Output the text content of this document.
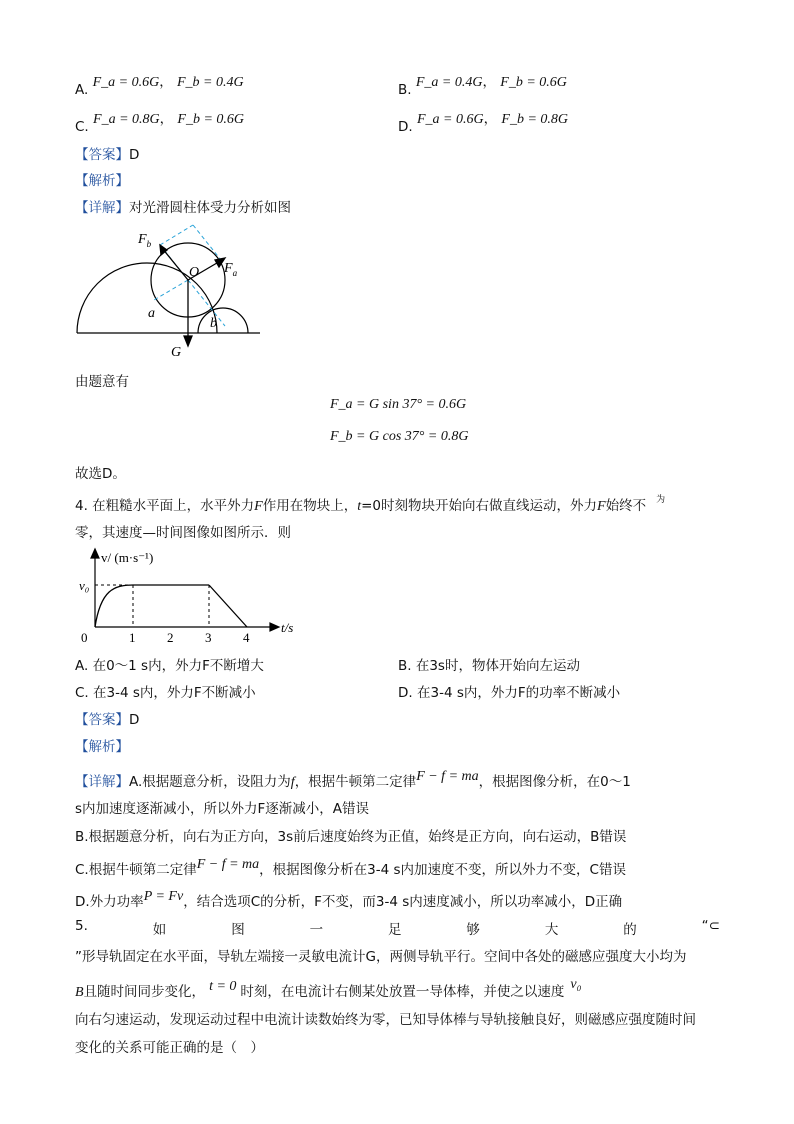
A. F_a = 0.6G， F_b = 0.4G	B. F_a = 0.4G， F_b = 0.6G
C. F_a = 0.8G， F_b = 0.6G	D. F_a = 0.6G， F_b = 0.8G
【答案】D
【解析】
【详解】对光滑圆柱体受力分析如图
$F_b$
O $F_a$
a
b
G
由题意有
F_a = G sin 37° = 0.6G
F_b = G cos 37° = 0.8G
故选D。
4. 在粗糙水平面上，水平外力F作用在物块上，t=0时刻物块开始向右做直线运动，外力F始终不 $^为$
零，其速度—时间图像如图所示．则
v/ (m·s⁻¹)
t/s
v₀
0	1 2 3 4
A. 在0～1 s内，外力F不断增大	B. 在3s时，物体开始向左运动
C. 在3-4 s内，外力F不断减小	D. 在3-4 s内，外力F的功率不断减小
【答案】D
【解析】
【详解】A.根据题意分析，设阻力为f，根据牛顿第二定律F − f = ma，根据图像分析，在0～1
s内加速度逐渐减小，所以外力F逐渐减小，A错误
B.根据题意分析，向右为正方向，3s前后速度始终为正值，始终是正方向，向右运动，B错误
C.根据牛顿第二定律F − f = ma，根据图像分析在3-4 s内加速度不变，所以外力不变，C错误
D.外力功率P = Fv，结合选项C的分析，F不变，而3-4 s内速度减小，所以功率减小，D正确
5.	如	图	一	足	够	大	的	“⊂
”形导轨固定在水平面，导轨左端接一灵敏电流计G，两侧导轨平行。空间中各处的磁感应强度大小均为
B且随时间同步变化， t = 0 时刻，在电流计右侧某处放置一导体棒，并使之以速度 v₀
向右匀速运动，发现运动过程中电流计读数始终为零，已知导体棒与导轨接触良好，则磁感应强度随时间
变化的关系可能正确的是（　）
